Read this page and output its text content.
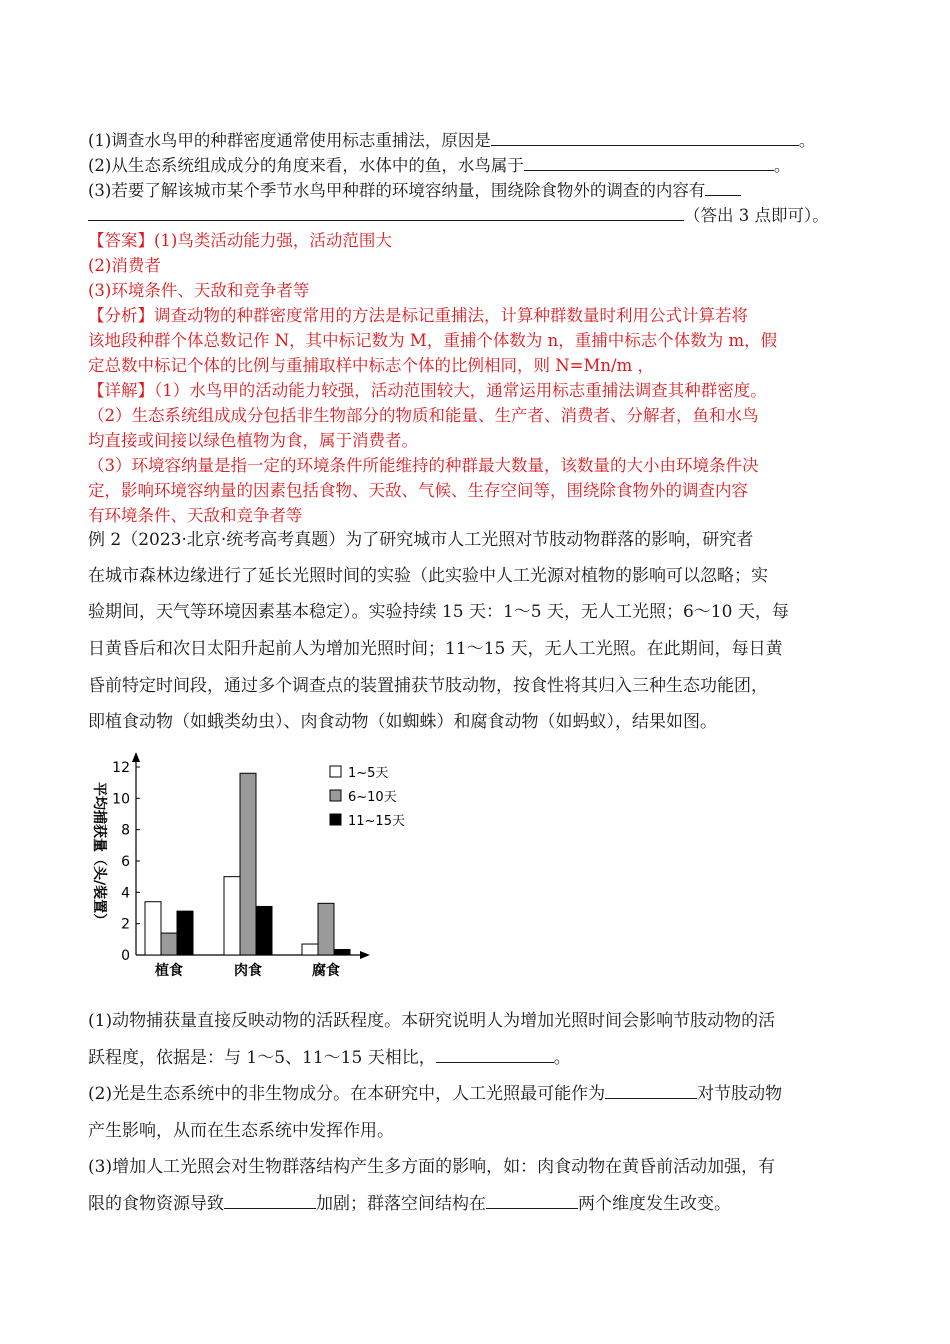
(1)调查水鸟甲的种群密度通常使用标志重捕法，原因是	。
(2)从生态系统组成成分的角度来看，水体中的鱼，水鸟属于	。
(3)若要了解该城市某个季节水鸟甲种群的环境容纳量，围绕除食物外的调查的内容有
（答出 3 点即可）。
【答案】(1)鸟类活动能力强，活动范围大
(2)消费者
(3)环境条件、天敌和竞争者等
【分析】调查动物的种群密度常用的方法是标记重捕法，计算种群数量时利用公式计算若将
该地段种群个体总数记作 N，其中标记数为 M，重捕个体数为 n，重捕中标志个体数为 m，假
定总数中标记个体的比例与重捕取样中标志个体的比例相同，则 N=Mn/m ，
【详解】（1）水鸟甲的活动能力较强，活动范围较大，通常运用标志重捕法调查其种群密度。
（2）生态系统组成成分包括非生物部分的物质和能量、生产者、消费者、分解者，鱼和水鸟
均直接或间接以绿色植物为食，属于消费者。
（3）环境容纳量是指一定的环境条件所能维持的种群最大数量，该数量的大小由环境条件决
定，影响环境容纳量的因素包括食物、天敌、气候、生存空间等，围绕除食物外的调查内容
有环境条件、天敌和竞争者等
例 2（2023·北京·统考高考真题）为了研究城市人工光照对节肢动物群落的影响，研究者
在城市森林边缘进行了延长光照时间的实验（此实验中人工光源对植物的影响可以忽略；实
验期间，天气等环境因素基本稳定）。实验持续 15 天：1～5 天，无人工光照；6～10 天，每
日黄昏后和次日太阳升起前人为增加光照时间；11～15 天，无人工光照。在此期间，每日黄
昏前特定时间段，通过多个调查点的装置捕获节肢动物，按食性将其归入三种生态功能团，
即植食动物（如蛾类幼虫）、肉食动物（如蜘蛛）和腐食动物（如蚂蚁），结果如图。
0
2
4
6
8
10
12
平均捕获量（头/装置）
植食	肉食	腐食
1~5天
6~10天
11~15天
(1)动物捕获量直接反映动物的活跃程度。本研究说明人为增加光照时间会影响节肢动物的活
跃程度，依据是：与 1～5、11～15 天相比，	。
(2)光是生态系统中的非生物成分。在本研究中，人工光照最可能作为	对节肢动物
产生影响，从而在生态系统中发挥作用。
(3)增加人工光照会对生物群落结构产生多方面的影响，如：肉食动物在黄昏前活动加强，有
限的食物资源导致	加剧；群落空间结构在	两个维度发生改变。
